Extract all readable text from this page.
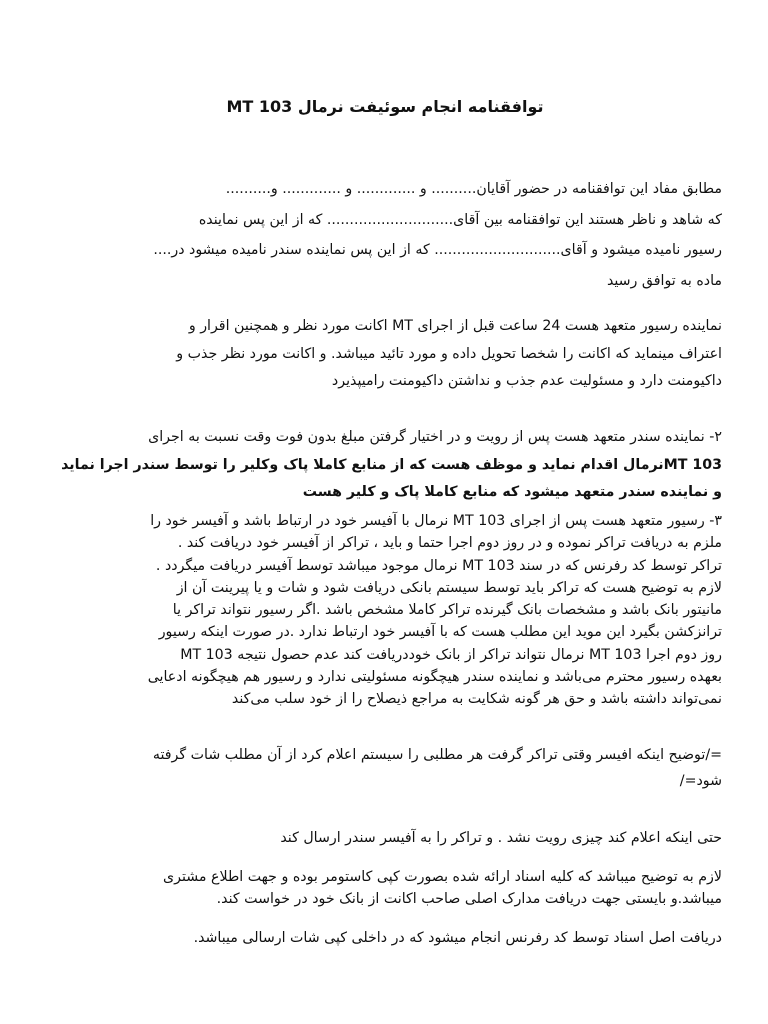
توافقنامه انجام سوئیفت نرمال MT 103

مطابق مفاد این توافقنامه در حضور آقایان.......... و ............. و ............. و..........
که شاهد و ناظر هستند این توافقنامه بین آقای............................ که از این پس نماینده
رسیور نامیده میشود و آقای............................ که از این پس نماینده سندر نامیده میشود در....
ماده به توافق رسید

نماینده رسیور متعهد هست 24 ساعت قبل از اجرای MT اکانت مورد نظر و همچنین اقرار و
اعتراف مینماید که اکانت را شخصا تحویل داده و مورد تائید میباشد. و اکانت مورد نظر جذب و
داکیومنت دارد و مسئولیت عدم جذب و نداشتن داکیومنت رامیپذیرد

۲- نماینده سندر متعهد هست پس از رویت و در اختیار گرفتن مبلغ بدون فوت وقت نسبت به اجرای
MT 103نرمال اقدام نماید و موظف هست که از منابع کاملا پاک وکلیر را توسط سندر اجرا نماید
و نماینده سندر متعهد میشود که منابع کاملا پاک و کلیر هست

۳- رسیور متعهد هست پس از اجرای MT 103 نرمال با آفیسر خود در ارتباط باشد و آفیسر خود را
ملزم به دریافت تراکر نموده و در روز دوم اجرا حتما و باید ، تراکر از آفیسر خود دریافت کند .
تراکر توسط کد رفرنس که در سند MT 103 نرمال موجود میباشد توسط آفیسر دریافت میگردد .
لازم به توضیح هست که تراکر باید توسط سیستم بانکی دریافت شود و شات و یا پیرینت آن از
مانیتور بانک باشد و مشخصات بانک گیرنده تراکر کاملا مشخص باشد .اگر رسیور نتواند تراکر یا
ترانزکشن بگیرد این موید این مطلب هست که با آفیسر خود ارتباط ندارد .در صورت اینکه رسیور
روز دوم اجرا MT 103 نرمال نتواند تراکر از بانک خوددریافت کند عدم حصول نتیجه MT 103
بعهده رسیور محترم می‌باشد و نماینده سندر هیچگونه مسئولیتی ندارد و رسیور هم هیچگونه ادعایی
نمی‌تواند داشته باشد و حق هر گونه شکایت به مراجع ذیصلاح را از خود سلب می‌کند

=/توضیح اینکه افیسر وقتی تراکر گرفت هر مطلبی را سیستم اعلام کرد از آن مطلب شات گرفته
شود=/

حتی اینکه اعلام کند چیزی رویت نشد . و تراکر را به آفیسر سندر ارسال کند

لازم به توضیح میباشد که کلیه اسناد ارائه شده بصورت کپی کاستومر بوده و جهت اطلاع مشتری
میباشد.و بایستی جهت دریافت مدارک اصلی صاحب اکانت از بانک خود در خواست کند.

دریافت اصل اسناد توسط کد رفرنس انجام میشود که در داخلی کپی شات ارسالی میباشد.
